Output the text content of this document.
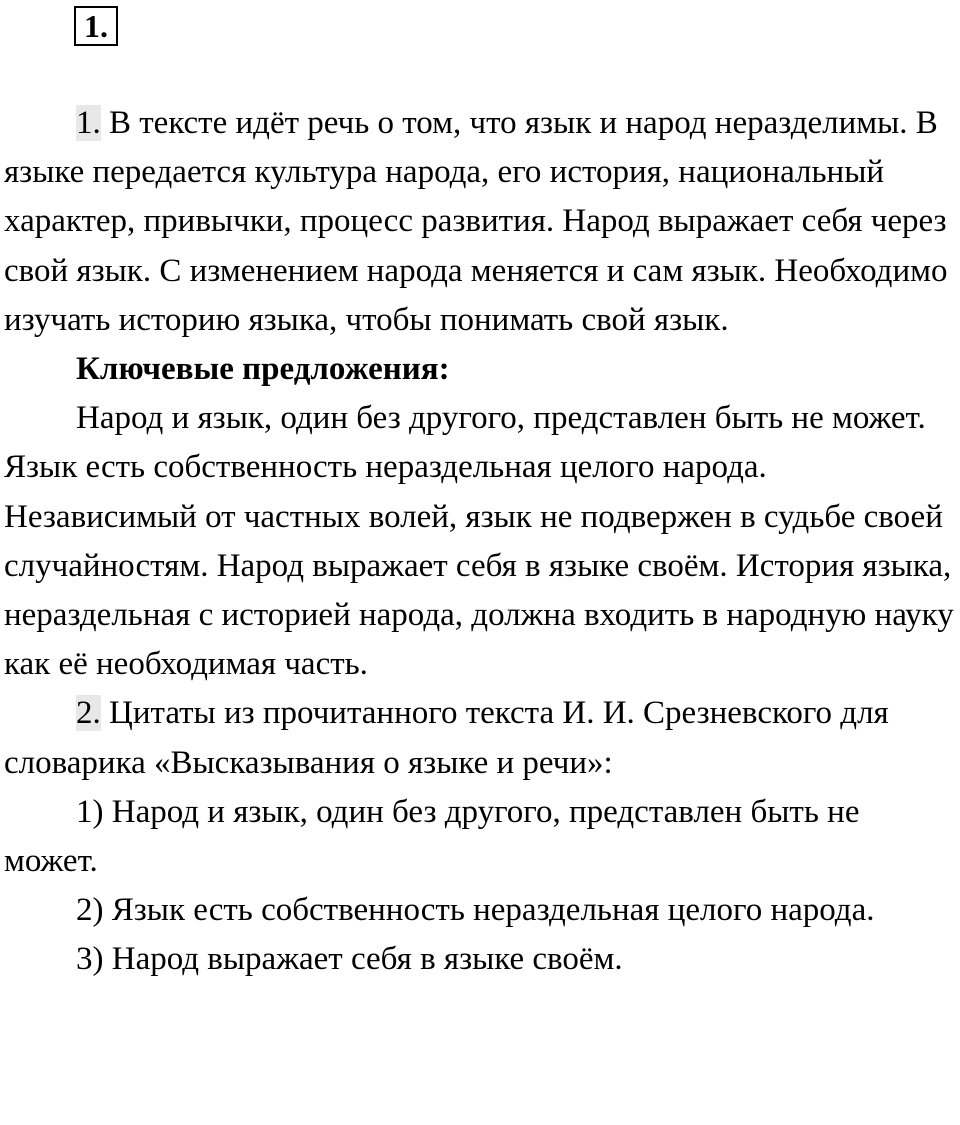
1.

1. В тексте идёт речь о том, что язык и народ неразделимы. В языке передается культура народа, его история, национальный характер, привычки, процесс развития. Народ выражает себя через свой язык. С изменением народа меняется и сам язык. Необходимо изучать историю языка, чтобы понимать свой язык.

Ключевые предложения:

Народ и язык, один без другого, представлен быть не может. Язык есть собственность нераздельная целого народа. Независимый от частных волей, язык не подвержен в судьбе своей случайностям. Народ выражает себя в языке своём. История языка, нераздельная с историей народа, должна входить в народную науку как её необходимая часть.

2. Цитаты из прочитанного текста И. И. Срезневского для словарика «Высказывания о языке и речи»:

1) Народ и язык, один без другого, представлен быть не может.

2) Язык есть собственность нераздельная целого народа.

3) Народ выражает себя в языке своём.
